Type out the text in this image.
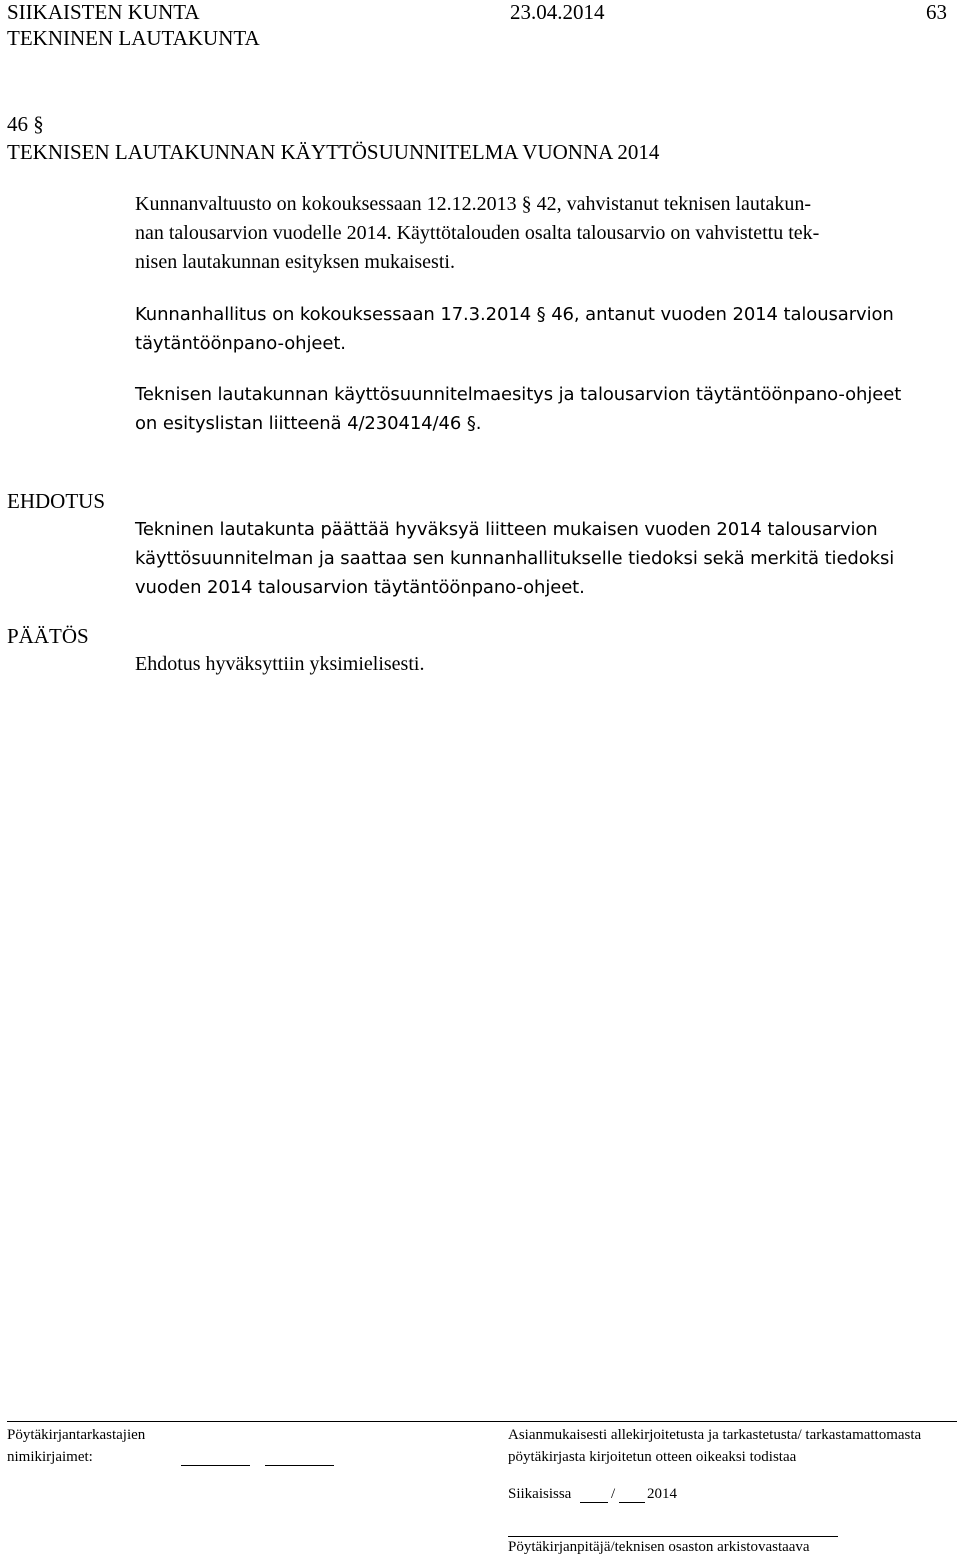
SIIKAISTEN KUNTA	23.04.2014	63
TEKNINEN LAUTAKUNTA
46 §
TEKNISEN LAUTAKUNNAN KÄYTTÖSUUNNITELMA VUONNA 2014
Kunnanvaltuusto on kokouksessaan 12.12.2013 § 42, vahvistanut teknisen lautakun-
nan talousarvion vuodelle 2014. Käyttötalouden osalta talousarvio on vahvistettu tek-
nisen lautakunnan esityksen mukaisesti.
Kunnanhallitus on kokouksessaan 17.3.2014 § 46, antanut vuoden 2014 talousarvion
täytäntöönpano-ohjeet.
Teknisen lautakunnan käyttösuunnitelmaesitys ja talousarvion täytäntöönpano-ohjeet
on esityslistan liitteenä 4/230414/46 §.
EHDOTUS
Tekninen lautakunta päättää hyväksyä liitteen mukaisen vuoden 2014 talousarvion
käyttösuunnitelman ja saattaa sen kunnanhallitukselle tiedoksi sekä merkitä tiedoksi
vuoden 2014 talousarvion täytäntöönpano-ohjeet.
PÄÄTÖS
Ehdotus hyväksyttiin yksimielisesti.
Pöytäkirjantarkastajien
nimikirjaimet:
Asianmukaisesti allekirjoitetusta ja tarkastetusta/ tarkastamattomasta
pöytäkirjasta kirjoitetun otteen oikeaksi todistaa
Siikaisissa	/ 2014
Pöytäkirjanpitäjä/teknisen osaston arkistovastaava
